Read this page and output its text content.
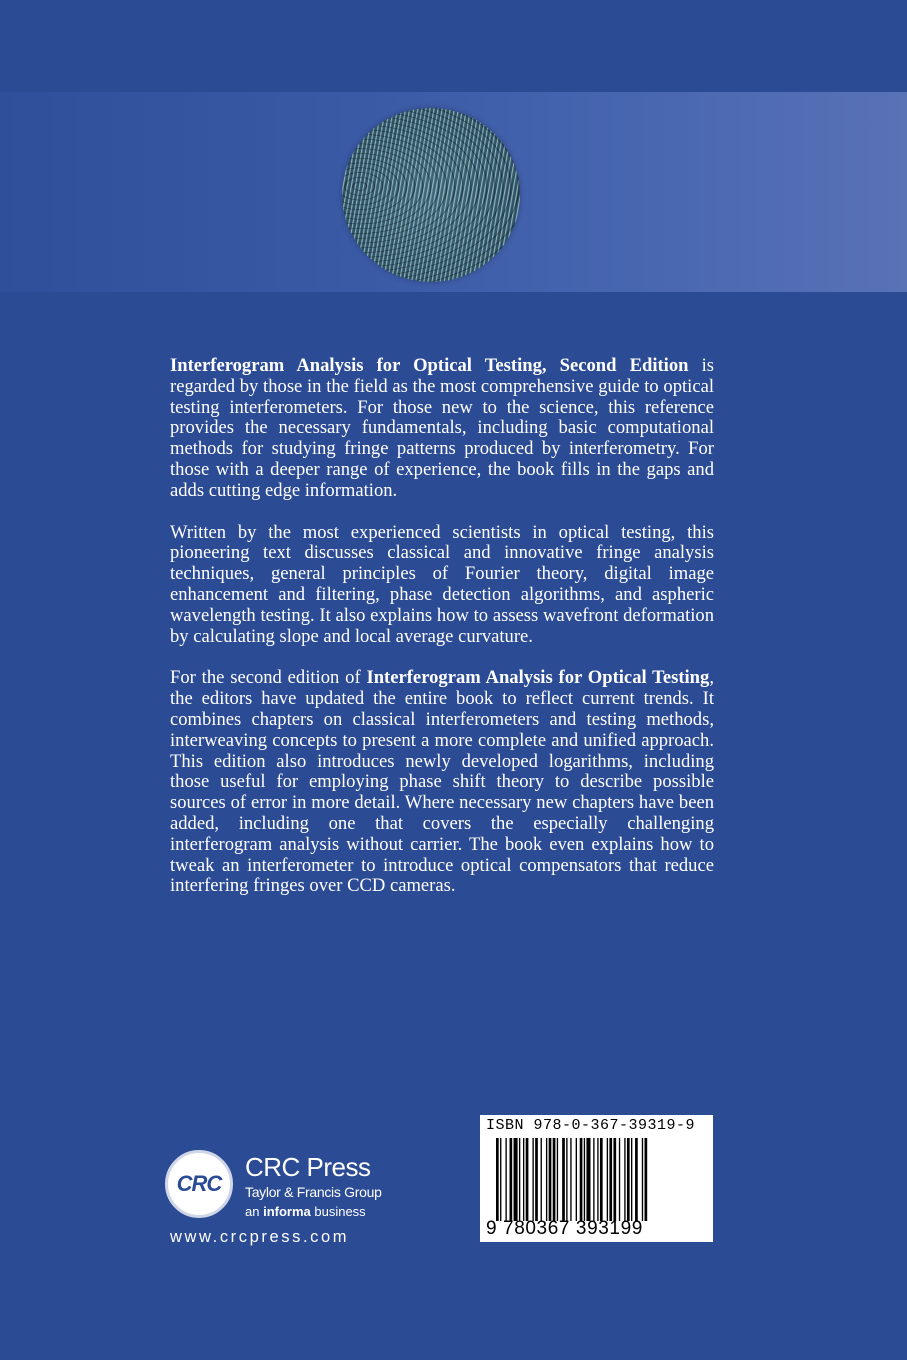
Interferogram Analysis for Optical Testing, Second Edition is regarded by those in the field as the most comprehensive guide to optical testing interferometers. For those new to the science, this reference provides the necessary fundamentals, including basic computational methods for studying fringe patterns produced by interferometry. For those with a deeper range of experience, the book fills in the gaps and adds cutting edge information.

Written by the most experienced scientists in optical testing, this pioneering text discusses classical and innovative fringe analysis techniques, general principles of Fourier theory, digital image enhancement and filtering, phase detection algorithms, and aspheric wavelength testing. It also explains how to assess wavefront deformation by calculating slope and local average curvature.

For the second edition of Interferogram Analysis for Optical Testing, the editors have updated the entire book to reflect current trends. It combines chapters on classical interferometers and testing methods, interweaving concepts to present a more complete and unified approach. This edition also introduces newly developed logarithms, including those useful for employing phase shift theory to describe possible sources of error in more detail. Where necessary new chapters have been added, including one that covers the especially challenging interferogram analysis without carrier. The book even explains how to tweak an interferometer to introduce optical compensators that reduce interfering fringes over CCD cameras.

CRC
CRC Press
Taylor & Francis Group
an informa business
www.crcpress.com
ISBN 978-0-367-39319-9
9 780367 393199
